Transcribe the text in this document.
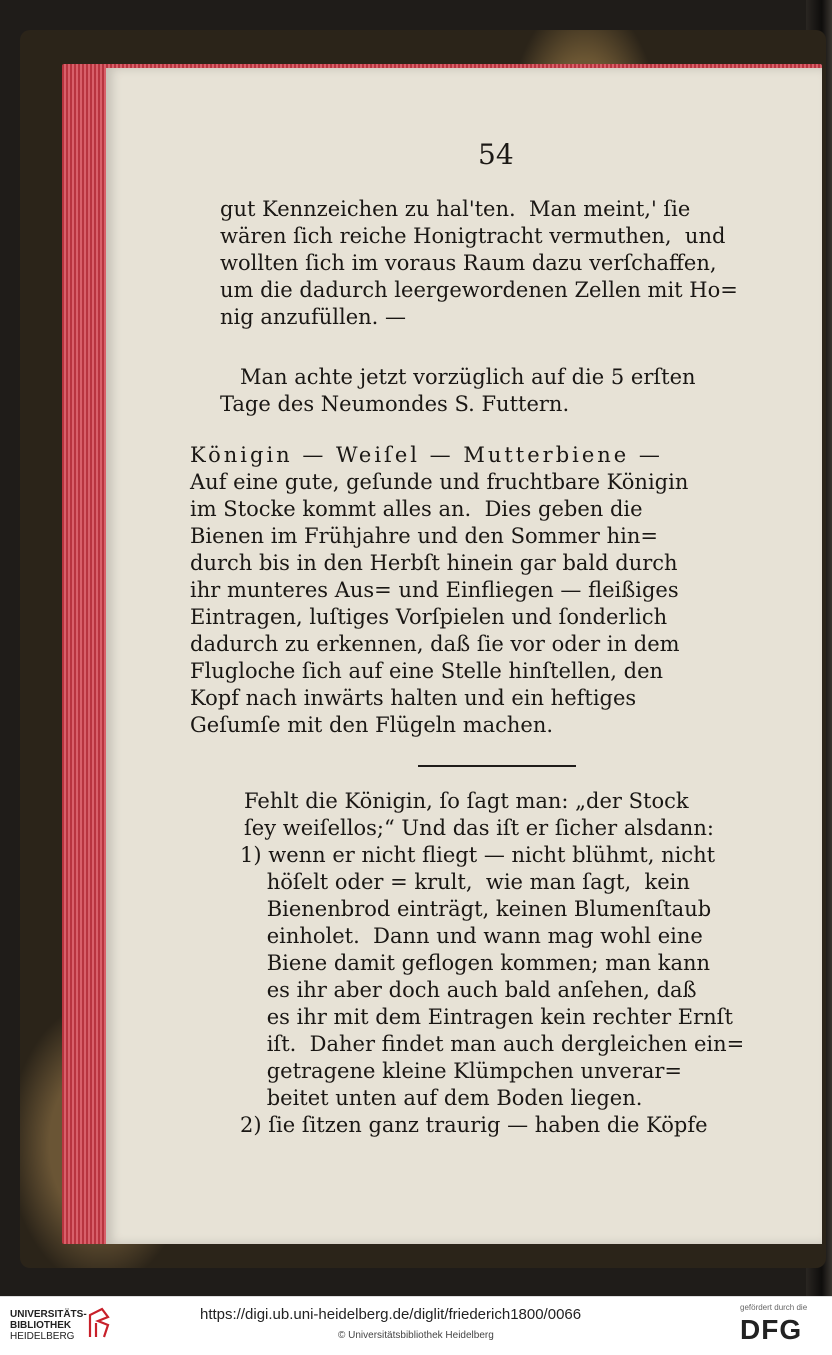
54
gut Kennzeichen zu hal'ten.  Man meint,' ſie
wären ſich reiche Honigtracht vermuthen,  und
wollten ſich im voraus Raum dazu verſchaffen,
um die dadurch leergewordenen Zellen mit Ho=
nig anzufüllen. —
Man achte jetzt vorzüglich auf die 5 erſten
Tage des Neumondes S. Futtern.
Königin — Weiſel — Mutterbiene —
Auf eine gute, geſunde und fruchtbare Königin
im Stocke kommt alles an.  Dies geben die
Bienen im Frühjahre und den Sommer hin=
durch bis in den Herbſt hinein gar bald durch
ihr munteres Aus= und Einfliegen — fleißiges
Eintragen, luſtiges Vorſpielen und ſonderlich
dadurch zu erkennen, daß ſie vor oder in dem
Flugloche ſich auf eine Stelle hinſtellen, den
Kopf nach inwärts halten und ein heftiges
Geſumſe mit den Flügeln machen.
Fehlt die Königin, ſo ſagt man: „der Stock
ſey weiſellos;“ Und das iſt er ſicher alsdann:
1) wenn er nicht fliegt — nicht blühmt, nicht
höſelt oder = krult,  wie man ſagt,  kein
Bienenbrod einträgt, keinen Blumenſtaub
einholet.  Dann und wann mag wohl eine
Biene damit geflogen kommen; man kann
es ihr aber doch auch bald anſehen, daß
es ihr mit dem Eintragen kein rechter Ernſt
iſt.  Daher findet man auch dergleichen ein=
getragene kleine Klümpchen unverar=
beitet unten auf dem Boden liegen.
2) ſie ſitzen ganz traurig — haben die Köpfe
UNIVERSITÄTS-
BIBLIOTHEK
HEIDELBERG
https://digi.ub.uni-heidelberg.de/diglit/friederich1800/0066
© Universitätsbibliothek Heidelberg
gefördert durch die
DFG
